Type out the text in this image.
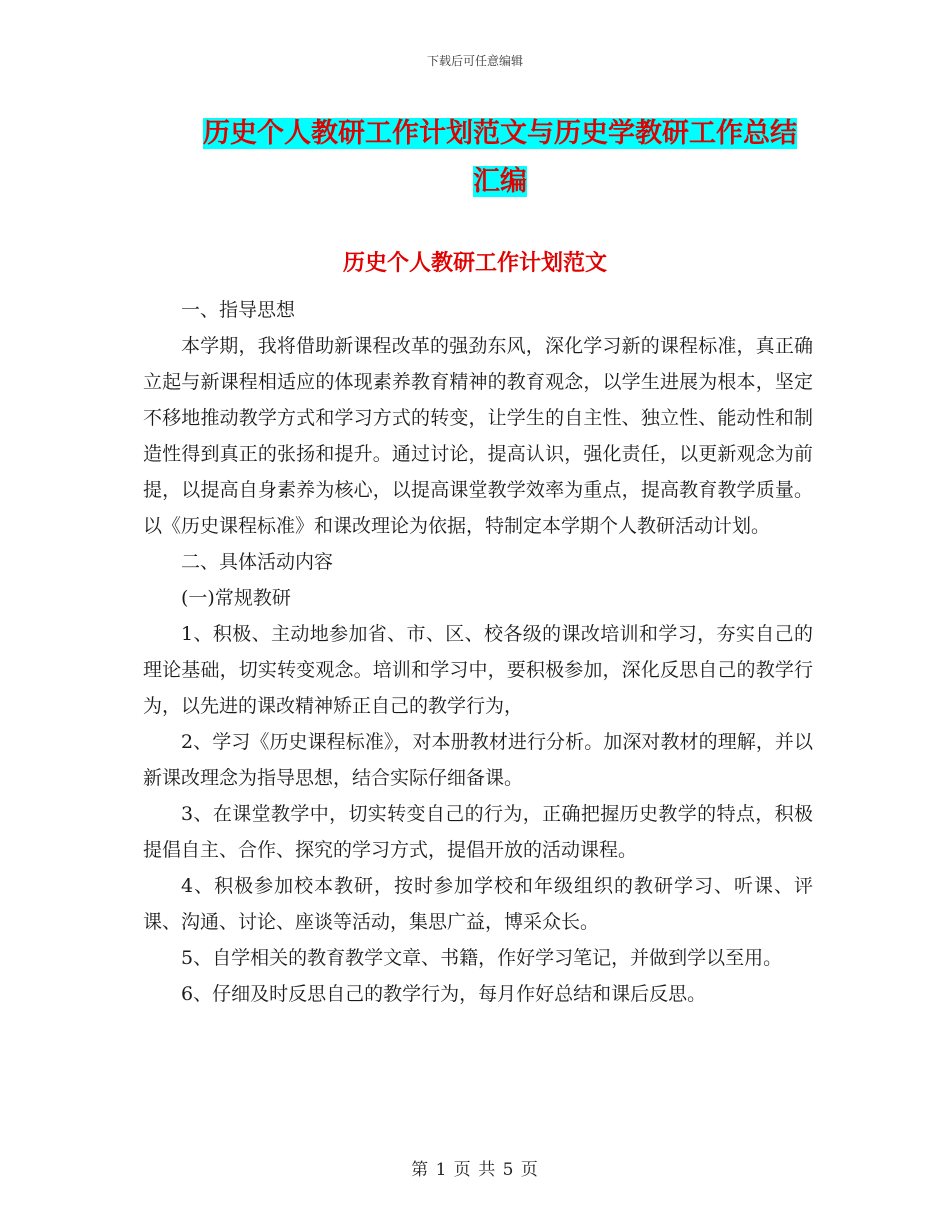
下载后可任意编辑
历史个人教研工作计划范文与历史学教研工作总结汇编
历史个人教研工作计划范文

一、指导思想

本学期，我将借助新课程改革的强劲东风，深化学习新的课程标准，真正确立起与新课程相适应的体现素养教育精神的教育观念，以学生进展为根本，坚定不移地推动教学方式和学习方式的转变，让学生的自主性、独立性、能动性和制造性得到真正的张扬和提升。通过讨论，提高认识，强化责任，以更新观念为前提，以提高自身素养为核心，以提高课堂教学效率为重点，提高教育教学质量。以《历史课程标准》和课改理论为依据，特制定本学期个人教研活动计划。

二、具体活动内容

(一)常规教研

1、积极、主动地参加省、市、区、校各级的课改培训和学习，夯实自己的理论基础，切实转变观念。培训和学习中，要积极参加，深化反思自己的教学行为，以先进的课改精神矫正自己的教学行为，

2、学习《历史课程标准》，对本册教材进行分析。加深对教材的理解，并以新课改理念为指导思想，结合实际仔细备课。

3、在课堂教学中，切实转变自己的行为，正确把握历史教学的特点，积极提倡自主、合作、探究的学习方式，提倡开放的活动课程。

4、积极参加校本教研，按时参加学校和年级组织的教研学习、听课、评课、沟通、讨论、座谈等活动，集思广益，博采众长。

5、自学相关的教育教学文章、书籍，作好学习笔记，并做到学以至用。

6、仔细及时反思自己的教学行为，每月作好总结和课后反思。

第 1 页 共 5 页
